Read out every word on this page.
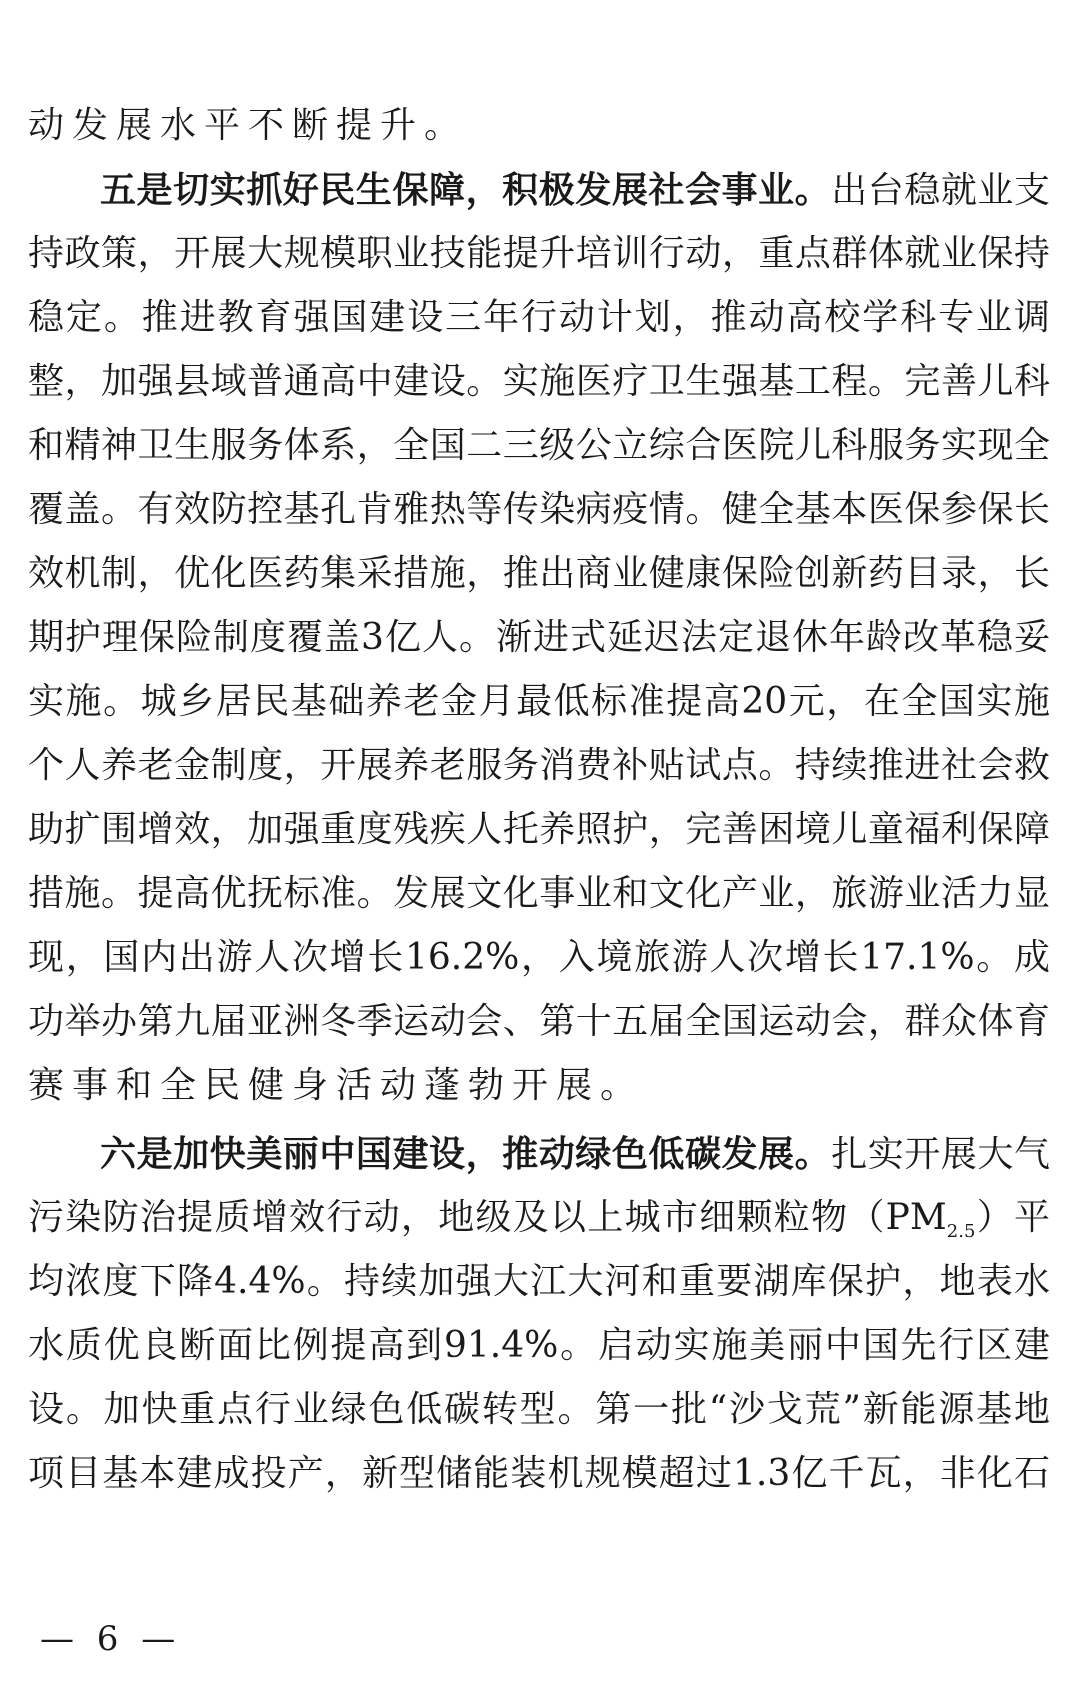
动发展水平不断提升。
五是切实抓好民生保障，积极发展社会事业。出台稳就业支
持政策，开展大规模职业技能提升培训行动，重点群体就业保持
稳定。推进教育强国建设三年行动计划，推动高校学科专业调
整，加强县域普通高中建设。实施医疗卫生强基工程。完善儿科
和精神卫生服务体系，全国二三级公立综合医院儿科服务实现全
覆盖。有效防控基孔肯雅热等传染病疫情。健全基本医保参保长
效机制，优化医药集采措施，推出商业健康保险创新药目录，长
期护理保险制度覆盖3亿人。渐进式延迟法定退休年龄改革稳妥
实施。城乡居民基础养老金月最低标准提高20元，在全国实施
个人养老金制度，开展养老服务消费补贴试点。持续推进社会救
助扩围增效，加强重度残疾人托养照护，完善困境儿童福利保障
措施。提高优抚标准。发展文化事业和文化产业，旅游业活力显
现，国内出游人次增长16.2%，入境旅游人次增长17.1%。成
功举办第九届亚洲冬季运动会、第十五届全国运动会，群众体育
赛事和全民健身活动蓬勃开展。
六是加快美丽中国建设，推动绿色低碳发展。扎实开展大气
污染防治提质增效行动，地级及以上城市细颗粒物$(PM_{2.5})$平
均浓度下降4.4%。持续加强大江大河和重要湖库保护，地表水
水质优良断面比例提高到91.4%。启动实施美丽中国先行区建
设。加快重点行业绿色低碳转型。第一批“沙戈荒”新能源基地
项目基本建成投产，新型储能装机规模超过1.3亿千瓦，非化石
— 6 —
